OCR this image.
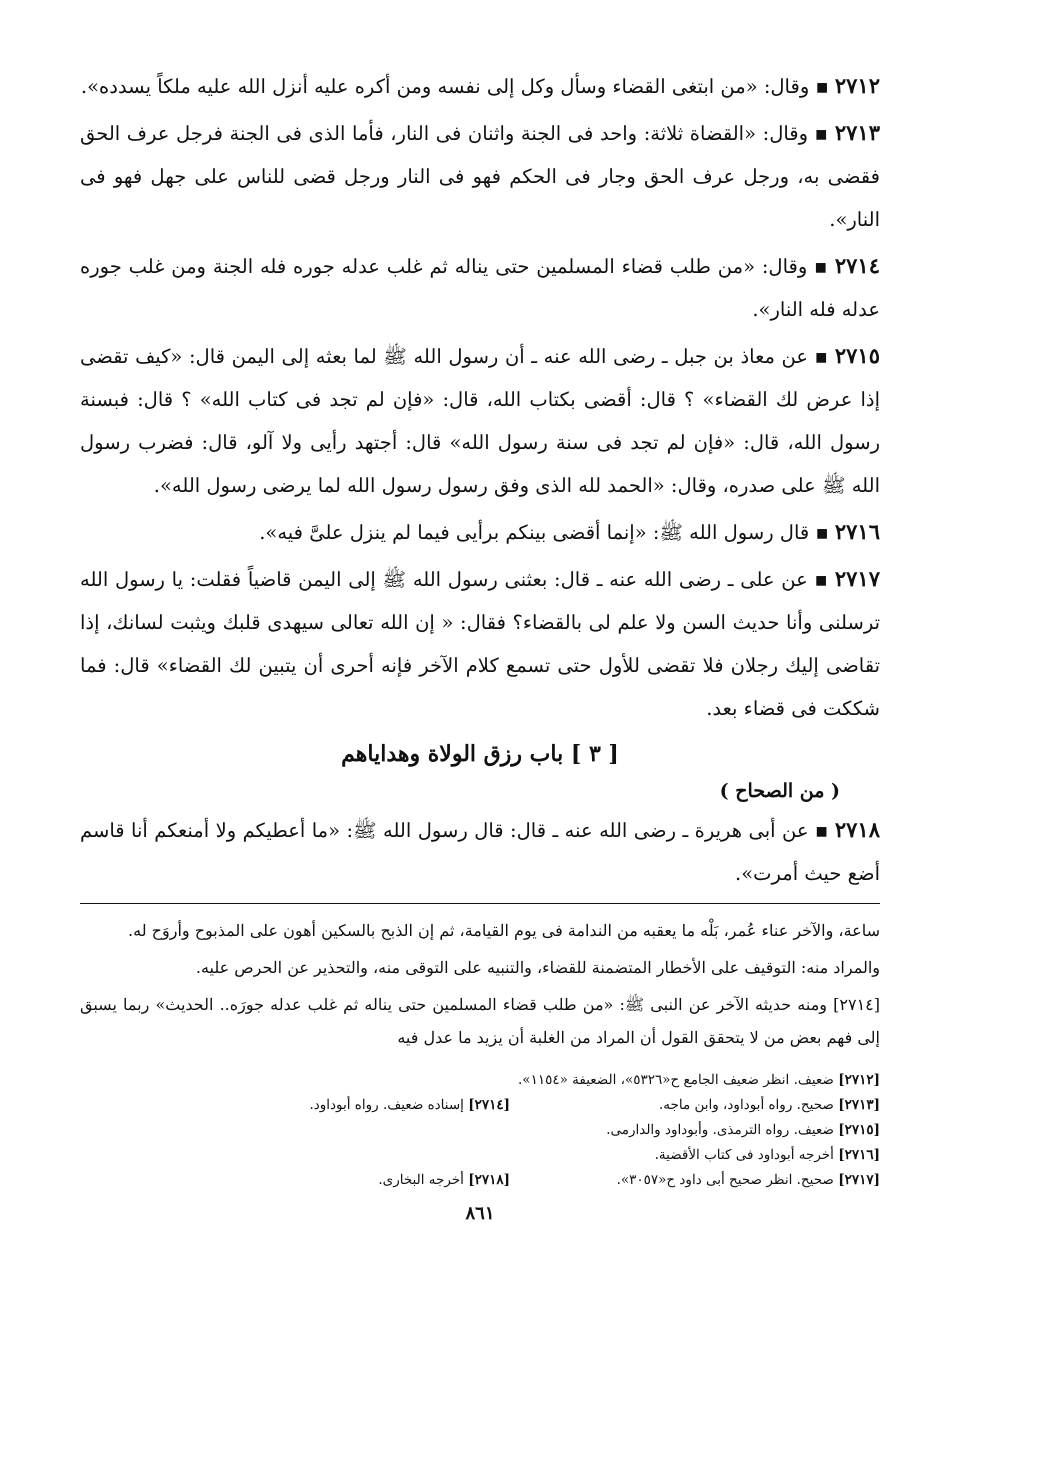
٢٧١٢ ▪ وقال: «من ابتغى القضاء وسأل وكل إلى نفسه ومن أكره عليه أنزل الله عليه ملكاً يسدده».

٢٧١٣ ▪ وقال: «القضاة ثلاثة: واحد فى الجنة واثنان فى النار، فأما الذى فى الجنة فرجل عرف الحق فقضى به، ورجل عرف الحق وجار فى الحكم فهو فى النار ورجل قضى للناس على جهل فهو فى النار».

٢٧١٤ ▪ وقال: «من طلب قضاء المسلمين حتى يناله ثم غلب عدله جوره فله الجنة ومن غلب جوره عدله فله النار».

٢٧١٥ ▪ عن معاذ بن جبل ـ رضى الله عنه ـ أن رسول الله ﷺ لما بعثه إلى اليمن قال: «كيف تقضى إذا عرض لك القضاء» ؟ قال: أقضى بكتاب الله، قال: «فإن لم تجد فى كتاب الله» ؟ قال: فبسنة رسول الله، قال: «فإن لم تجد فى سنة رسول الله» قال: أجتهد رأيى ولا آلو، قال: فضرب رسول الله ﷺ على صدره، وقال: «الحمد لله الذى وفق رسول رسول الله لما يرضى رسول الله».

٢٧١٦ ▪ قال رسول الله ﷺ: «إنما أقضى بينكم برأيى فيما لم ينزل علىَّ فيه».

٢٧١٧ ▪ عن على ـ رضى الله عنه ـ قال: بعثنى رسول الله ﷺ إلى اليمن قاضياً فقلت: يا رسول الله ترسلنى وأنا حديث السن ولا علم لى بالقضاء؟ فقال: « إن الله تعالى سيهدى قلبك ويثبت لسانك، إذا تقاضى إليك رجلان فلا تقضى للأول حتى تسمع كلام الآخر فإنه أحرى أن يتبين لك القضاء» قال: فما شككت فى قضاء بعد.

[ ٣ ] باب رزق الولاة وهداياهم
( من الصحاح )

٢٧١٨ ▪ عن أبى هريرة ـ رضى الله عنه ـ قال: قال رسول الله ﷺ: «ما أعطيكم ولا أمنعكم أنا قاسم أضع حيث أمرت».

ساعة، والآخر عناء عُمر، بَلْه ما يعقبه من الندامة فى يوم القيامة، ثم إن الذبح بالسكين أهون على المذبوح وأروَح له.

والمراد منه: التوقيف على الأخطار المتضمنة للقضاء، والتنبيه على التوقى منه، والتحذير عن الحرص عليه.

[٢٧١٤] ومنه حديثه الآخر عن النبى ﷺ: «من طلب قضاء المسلمين حتى يناله ثم غلب عدله جورَه.. الحديث» ربما يسبق إلى فهم بعض من لا يتحقق القول أن المراد من الغلبة أن يزيد ما عدل فيه

[٢٧١٢] ضعيف. انظر ضعيف الجامع ح«٥٣٢٦»، الضعيفة «١١٥٤».
[٢٧١٣] صحيح. رواه أبوداود، وابن ماجه.
[٢٧١٤] إسناده ضعيف. رواه أبوداود.
[٢٧١٥] ضعيف. رواه الترمذى. وأبوداود والدارمى.
[٢٧١٦] أخرجه أبوداود فى كتاب الأقضية.
[٢٧١٧] صحيح. انظر صحيح أبى داود ح«٣٠٥٧».
[٢٧١٨] أخرجه البخارى.
٨٦١
